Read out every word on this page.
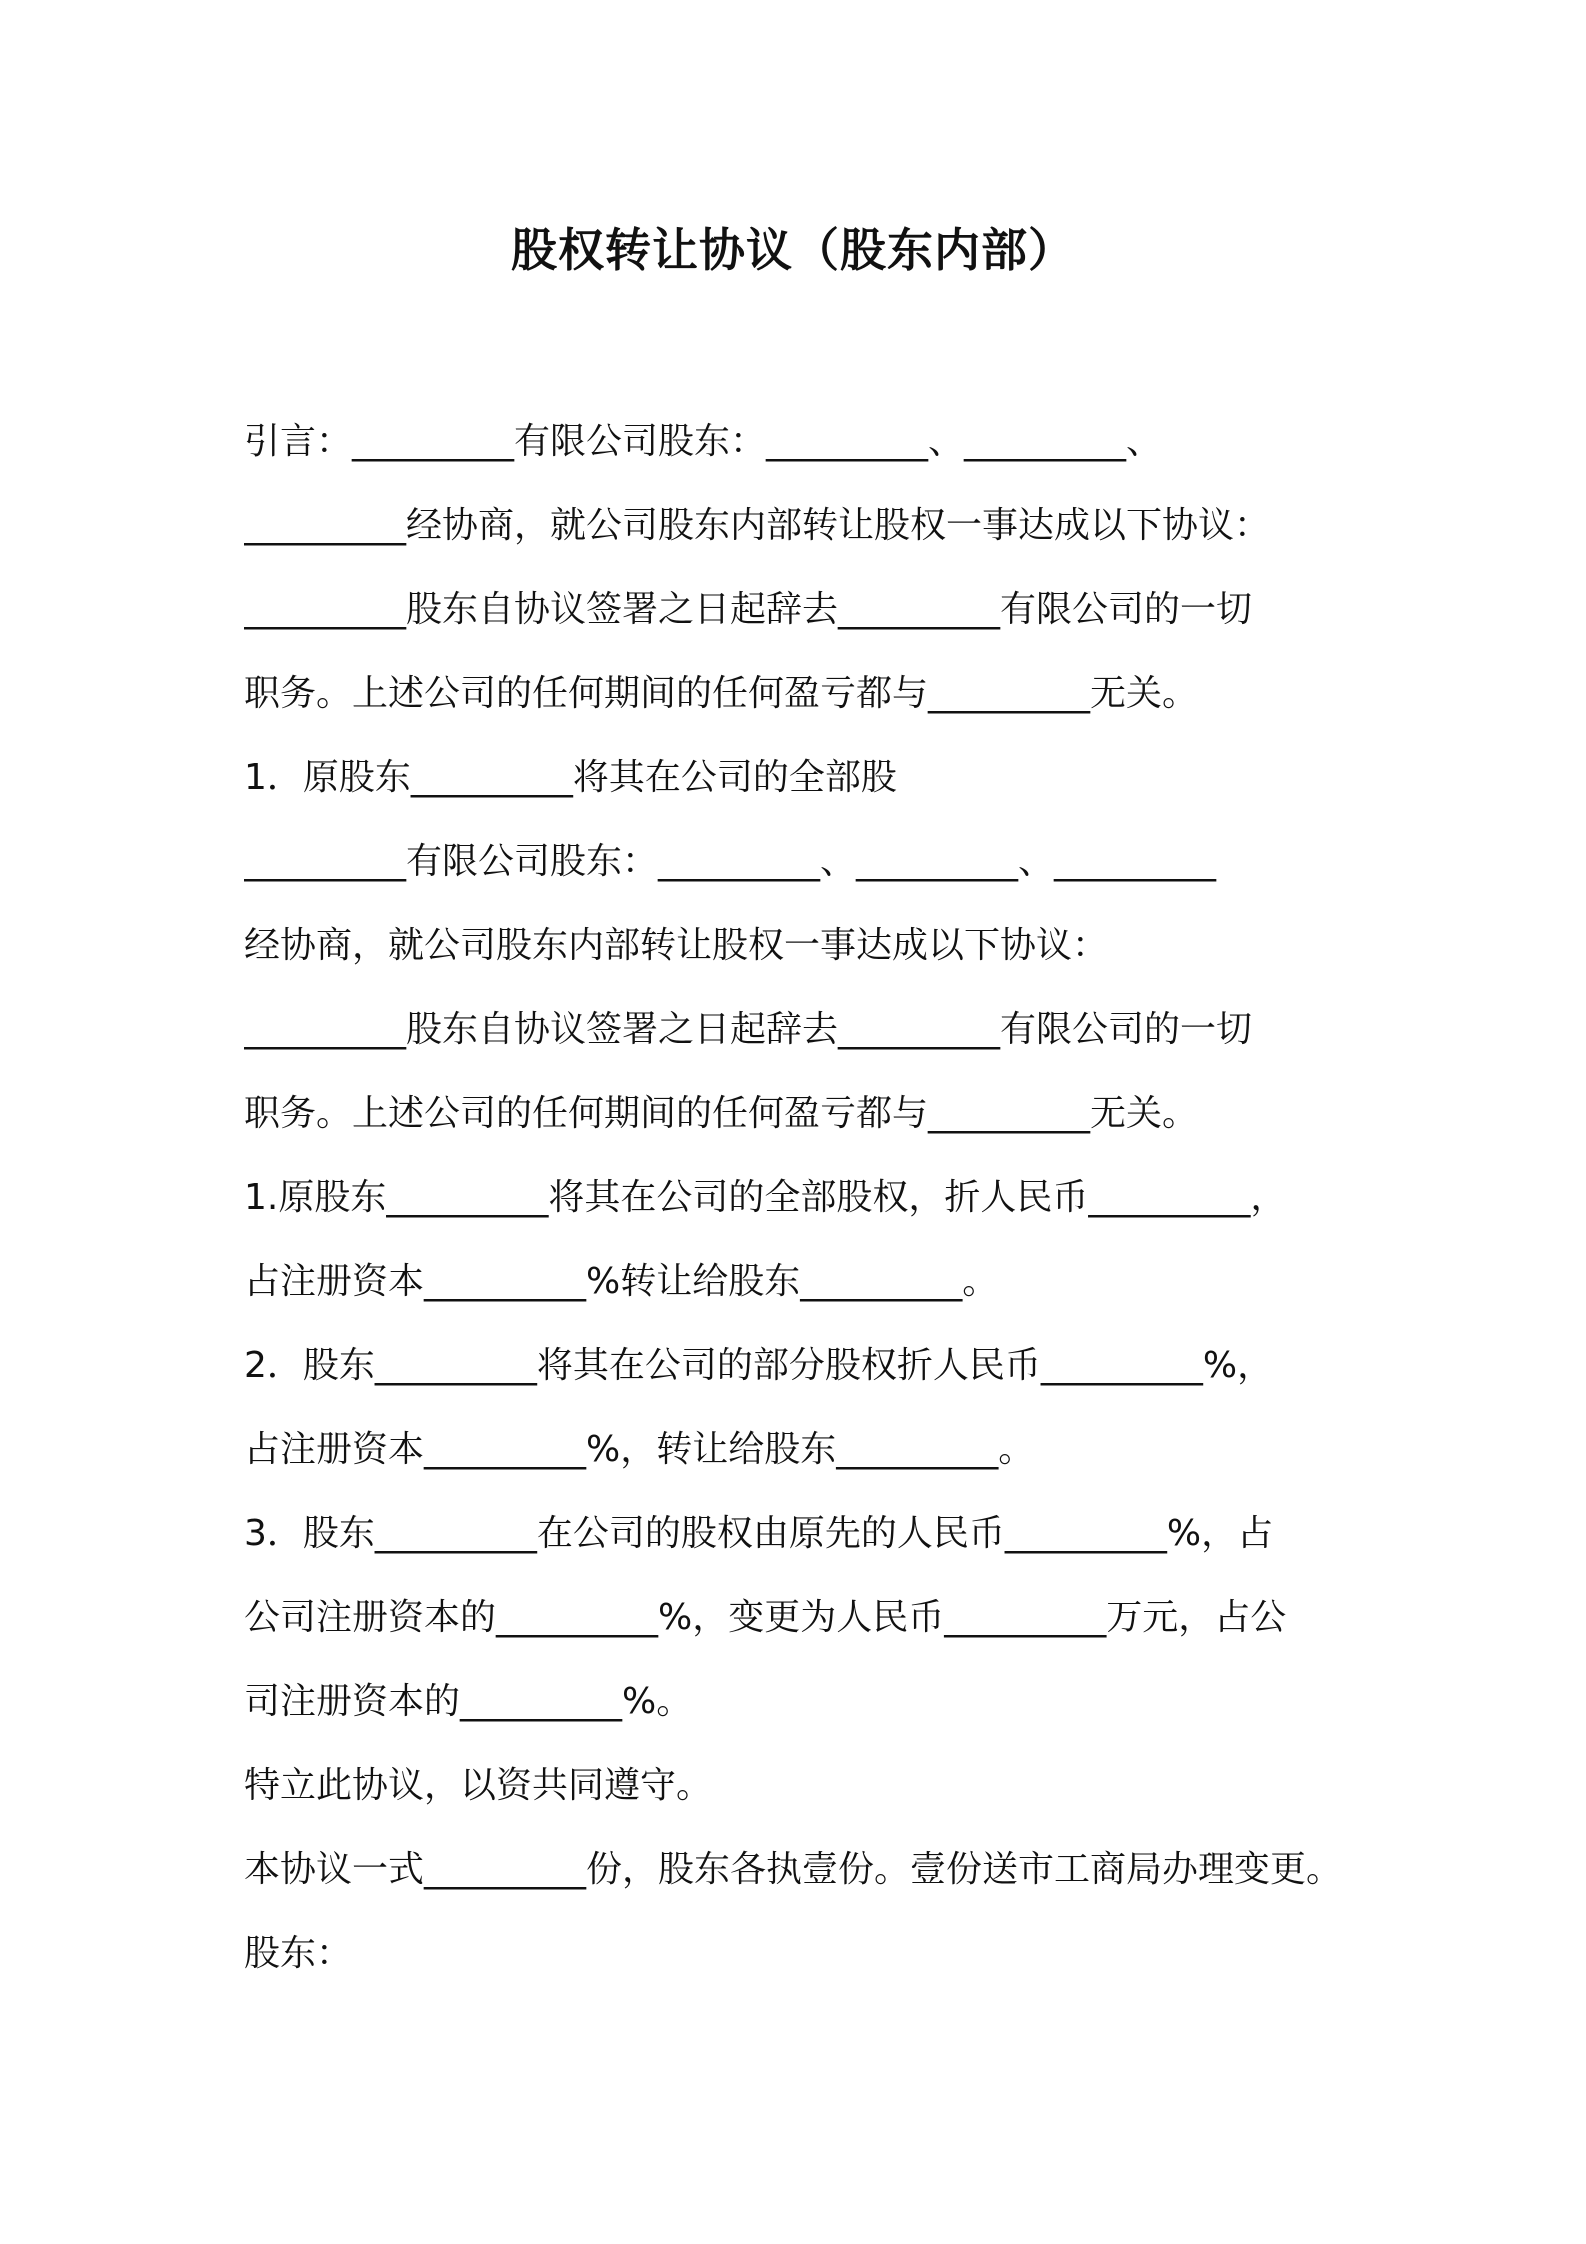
股权转让协议（股东内部）
引言：_________有限公司股东：_________、_________、
_________经协商，就公司股东内部转让股权一事达成以下协议：
_________股东自协议签署之日起辞去_________有限公司的一切
职务。上述公司的任何期间的任何盈亏都与_________无关。
1．原股东_________将其在公司的全部股
_________有限公司股东：_________、_________、_________
经协商，就公司股东内部转让股权一事达成以下协议：
_________股东自协议签署之日起辞去_________有限公司的一切
职务。上述公司的任何期间的任何盈亏都与_________无关。
1.原股东_________将其在公司的全部股权，折人民币_________，
占注册资本_________%转让给股东_________。
2．股东_________将其在公司的部分股权折人民币_________%，
占注册资本_________%，转让给股东_________。
3．股东_________在公司的股权由原先的人民币_________%，占
公司注册资本的_________%，变更为人民币_________万元，占公
司注册资本的_________%。
特立此协议，以资共同遵守。
本协议一式_________份，股东各执壹份。壹份送市工商局办理变更。
股东：
